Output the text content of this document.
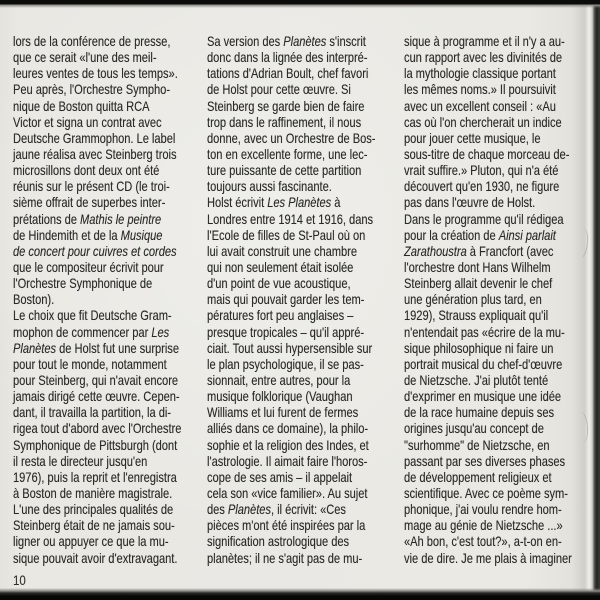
lors de la conférence de presse,
que ce serait «l'une des meil-
leures ventes de tous les temps».
Peu après, l'Orchestre Sympho-
nique de Boston quitta RCA
Victor et signa un contrat avec
Deutsche Grammophon. Le label
jaune réalisa avec Steinberg trois
microsillons dont deux ont été
réunis sur le présent CD (le troi-
sième offrait de superbes inter-
prétations de Mathis le peintre
de Hindemith et de la Musique
de concert pour cuivres et cordes
que le compositeur écrivit pour
l'Orchestre Symphonique de
Boston).
Le choix que fit Deutsche Gram-
mophon de commencer par Les
Planètes de Holst fut une surprise
pour tout le monde, notamment
pour Steinberg, qui n'avait encore
jamais dirigé cette œuvre. Cepen-
dant, il travailla la partition, la di-
rigea tout d'abord avec l'Orchestre
Symphonique de Pittsburgh (dont
il resta le directeur jusqu'en
1976), puis la reprit et l'enregistra
à Boston de manière magistrale.
L'une des principales qualités de
Steinberg était de ne jamais sou-
ligner ou appuyer ce que la mu-
sique pouvait avoir d'extravagant.
Sa version des Planètes s'inscrit
donc dans la lignée des interpré-
tations d'Adrian Boult, chef favori
de Holst pour cette œuvre. Si
Steinberg se garde bien de faire
trop dans le raffinement, il nous
donne, avec un Orchestre de Bos-
ton en excellente forme, une lec-
ture puissante de cette partition
toujours aussi fascinante.
Holst écrivit Les Planètes à
Londres entre 1914 et 1916, dans
l'Ecole de filles de St-Paul où on
lui avait construit une chambre
qui non seulement était isolée
d'un point de vue acoustique,
mais qui pouvait garder les tem-
pératures fort peu anglaises –
presque tropicales – qu'il appré-
ciait. Tout aussi hypersensible sur
le plan psychologique, il se pas-
sionnait, entre autres, pour la
musique folklorique (Vaughan
Williams et lui furent de fermes
alliés dans ce domaine), la philo-
sophie et la religion des Indes, et
l'astrologie. Il aimait faire l'horos-
cope de ses amis – il appelait
cela son «vice familier». Au sujet
des Planètes, il écrivit: «Ces
pièces m'ont été inspirées par la
signification astrologique des
planètes; il ne s'agit pas de mu-
sique à programme et il n'y a au-
cun rapport avec les divinités de
la mythologie classique portant
les mêmes noms.» Il poursuivit
avec un excellent conseil : «Au
cas où l'on chercherait un indice
pour jouer cette musique, le
sous-titre de chaque morceau de-
vrait suffire.» Pluton, qui n'a été
découvert qu'en 1930, ne figure
pas dans l'œuvre de Holst.
Dans le programme qu'il rédigea
pour la création de Ainsi parlait
Zarathoustra à Francfort (avec
l'orchestre dont Hans Wilhelm
Steinberg allait devenir le chef
une génération plus tard, en
1929), Strauss expliquait qu'il
n'entendait pas «écrire de la mu-
sique philosophique ni faire un
portrait musical du chef-d'œuvre
de Nietzsche. J'ai plutôt tenté
d'exprimer en musique une idée
de la race humaine depuis ses
origines jusqu'au concept de
"surhomme" de Nietzsche, en
passant par ses diverses phases
de développement religieux et
scientifique. Avec ce poème sym-
phonique, j'ai voulu rendre hom-
mage au génie de Nietzsche ...»
«Ah bon, c'est tout?», a-t-on en-
vie de dire. Je me plais à imaginer
10
